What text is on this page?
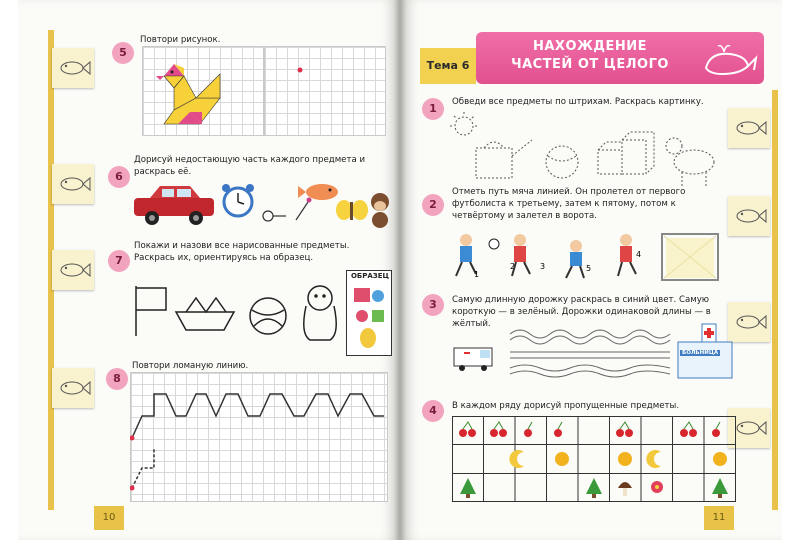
5
Повтори рисунок.
6
Дорисуй недостающую часть каждого предмета и раскрась её.
7
Покажи и назови все нарисованные предметы. Раскрась их, ориентируясь на образец.
ОБРАЗЕЦ
8
Повтори ломаную линию.
10
Тема 6
НАХОЖДЕНИЕ
ЧАСТЕЙ ОТ ЦЕЛОГО
1	Обведи все предметы по штрихам. Раскрась картинку.
2
Отметь путь мяча линией. Он пролетел от первого футболиста к третьему, затем к пятому, потом к четвёртому и залетел в ворота.
1
2	3
4
5
3	Самую длинную дорожку раскрась в синий цвет. Самую короткую — в зелёный. Дорожки одинаковой длины — в жёлтый.
БОЛЬНИЦА
4	В каждом ряду дорисуй пропущенные предметы.
11
